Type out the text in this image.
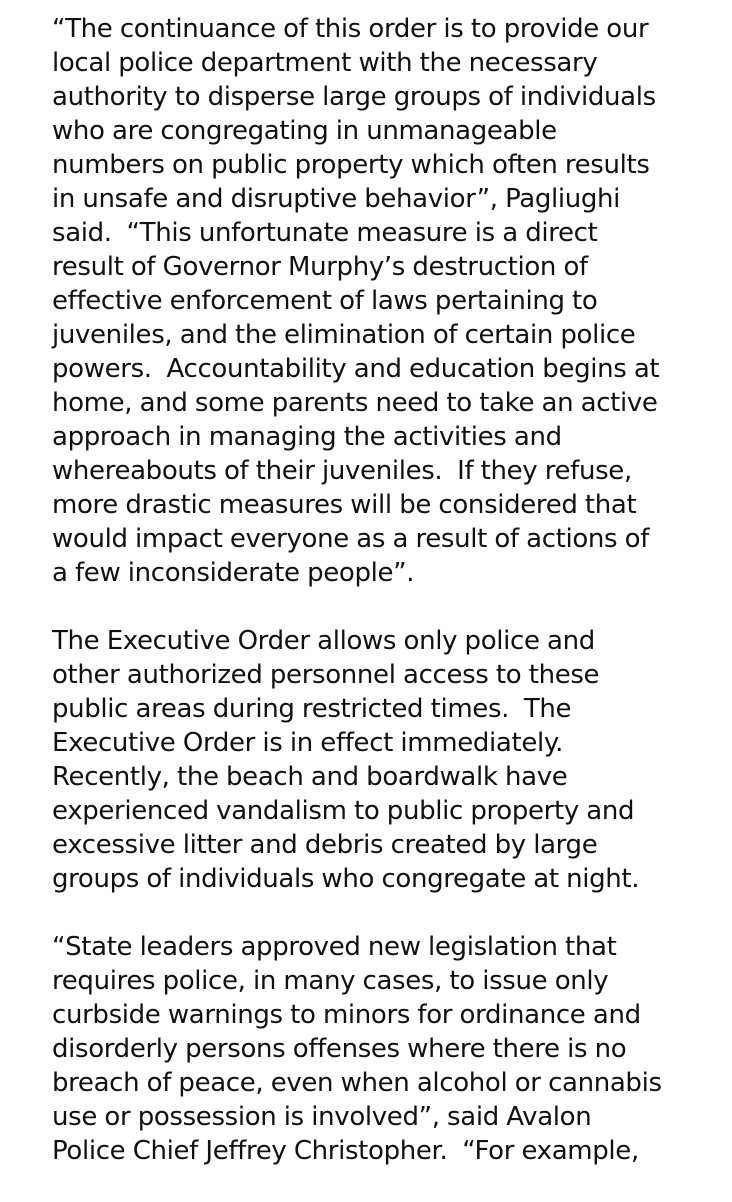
“The continuance of this order is to provide our
local police department with the necessary
authority to disperse large groups of individuals
who are congregating in unmanageable
numbers on public property which often results
in unsafe and disruptive behavior”, Pagliughi
said.  “This unfortunate measure is a direct
result of Governor Murphy’s destruction of
effective enforcement of laws pertaining to
juveniles, and the elimination of certain police
powers.  Accountability and education begins at
home, and some parents need to take an active
approach in managing the activities and
whereabouts of their juveniles.  If they refuse,
more drastic measures will be considered that
would impact everyone as a result of actions of
a few inconsiderate people”.

The Executive Order allows only police and
other authorized personnel access to these
public areas during restricted times.  The
Executive Order is in effect immediately.
Recently, the beach and boardwalk have
experienced vandalism to public property and
excessive litter and debris created by large
groups of individuals who congregate at night.

“State leaders approved new legislation that
requires police, in many cases, to issue only
curbside warnings to minors for ordinance and
disorderly persons offenses where there is no
breach of peace, even when alcohol or cannabis
use or possession is involved”, said Avalon
Police Chief Jeffrey Christopher.  “For example,
